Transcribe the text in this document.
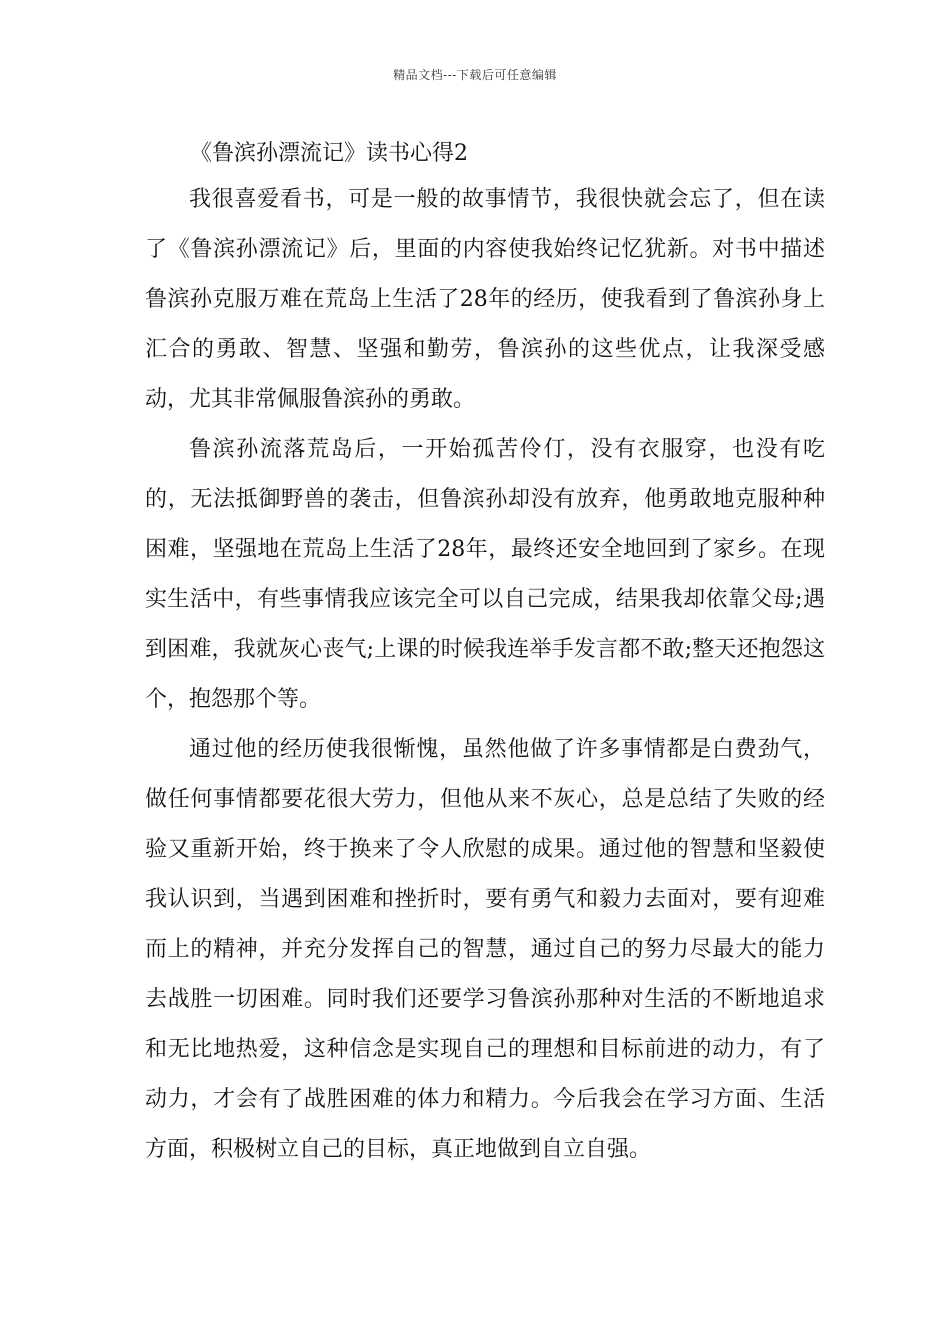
精品文档---下载后可任意编辑
《鲁滨孙漂流记》读书心得2

我很喜爱看书，可是一般的故事情节，我很快就会忘了，但在读了《鲁滨孙漂流记》后，里面的内容使我始终记忆犹新。对书中描述鲁滨孙克服万难在荒岛上生活了28年的经历，使我看到了鲁滨孙身上汇合的勇敢、智慧、坚强和勤劳，鲁滨孙的这些优点，让我深受感动，尤其非常佩服鲁滨孙的勇敢。

鲁滨孙流落荒岛后，一开始孤苦伶仃，没有衣服穿，也没有吃的，无法抵御野兽的袭击，但鲁滨孙却没有放弃，他勇敢地克服种种困难，坚强地在荒岛上生活了28年，最终还安全地回到了家乡。在现实生活中，有些事情我应该完全可以自己完成，结果我却依靠父母;遇到困难，我就灰心丧气;上课的时候我连举手发言都不敢;整天还抱怨这个，抱怨那个等。

通过他的经历使我很惭愧，虽然他做了许多事情都是白费劲气，做任何事情都要花很大劳力，但他从来不灰心，总是总结了失败的经验又重新开始，终于换来了令人欣慰的成果。通过他的智慧和坚毅使我认识到，当遇到困难和挫折时，要有勇气和毅力去面对，要有迎难而上的精神，并充分发挥自己的智慧，通过自己的努力尽最大的能力去战胜一切困难。同时我们还要学习鲁滨孙那种对生活的不断地追求和无比地热爱，这种信念是实现自己的理想和目标前进的动力，有了动力，才会有了战胜困难的体力和精力。今后我会在学习方面、生活方面，积极树立自己的目标，真正地做到自立自强。
